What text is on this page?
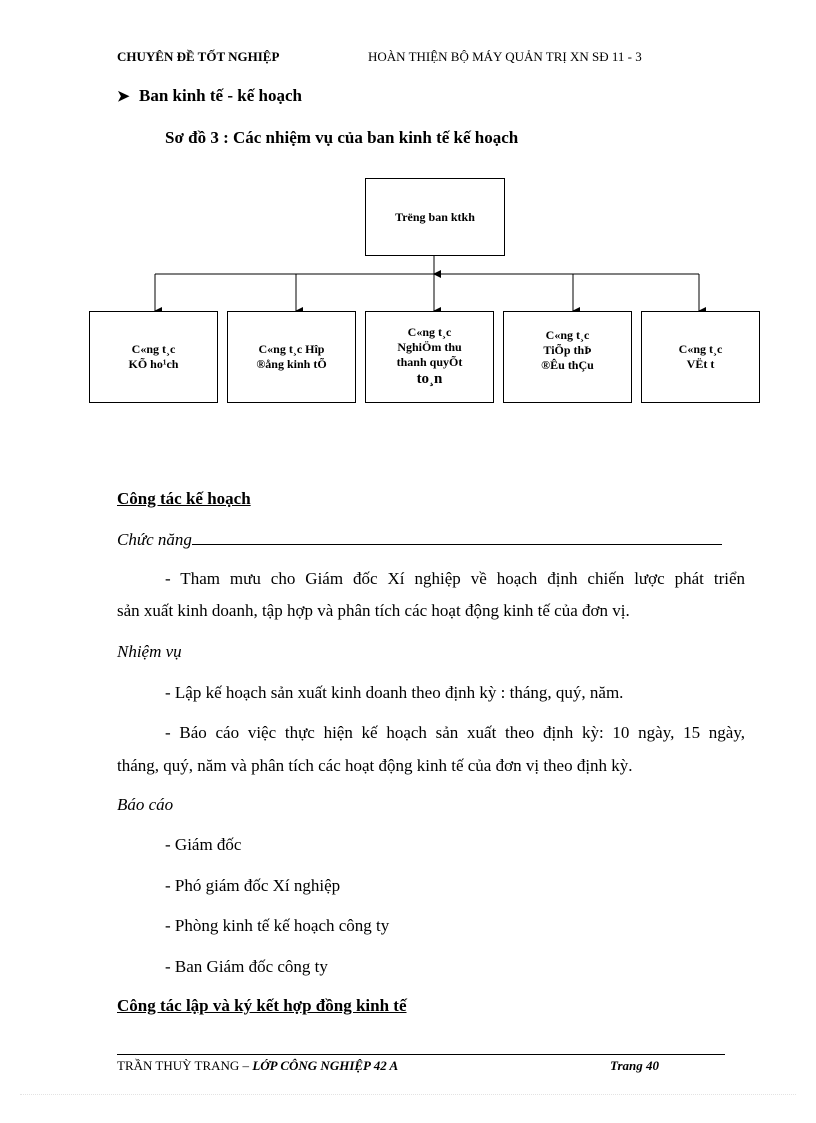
CHUYÊN ĐỀ TỐT NGHIỆP	HOÀN THIỆN BỘ MÁY QUẢN TRỊ XN SĐ 11 - 3
➤ Ban kinh tế - kế hoạch
Sơ đồ 3 : Các nhiệm vụ của ban kinh tế kế hoạch
Trëng ban ktkh
C«ng t¸c
KÕ ho¹ch
C«ng t¸c Hîp
®ång kinh tÕ
C«ng t¸c
NghiÖm thu
thanh quyÕt
to¸n
C«ng t¸c
TiÕp thÞ
®Êu thÇu
C«ng t¸c
VËt t
Công tác kế hoạch
Chức năng
- Tham mưu cho Giám đốc Xí nghiệp về hoạch định chiến lược phát triển
sản xuất kinh doanh, tập hợp và phân tích các hoạt động kinh tế của đơn vị.
Nhiệm vụ
- Lập kế hoạch sản xuất kinh doanh theo định kỳ : tháng, quý, năm.
- Báo cáo việc thực hiện kế hoạch sản xuất theo định kỳ: 10 ngày, 15 ngày,
tháng, quý, năm và phân tích các hoạt động kinh tế của đơn vị theo định kỳ.
Báo cáo
- Giám đốc
- Phó giám đốc Xí nghiệp
- Phòng kinh tế kế hoạch công ty
- Ban Giám đốc công ty
Công tác lập và ký kết hợp đồng kinh tế
TRẦN THUỲ TRANG – LỚP CÔNG NGHIỆP 42 A	Trang 40
